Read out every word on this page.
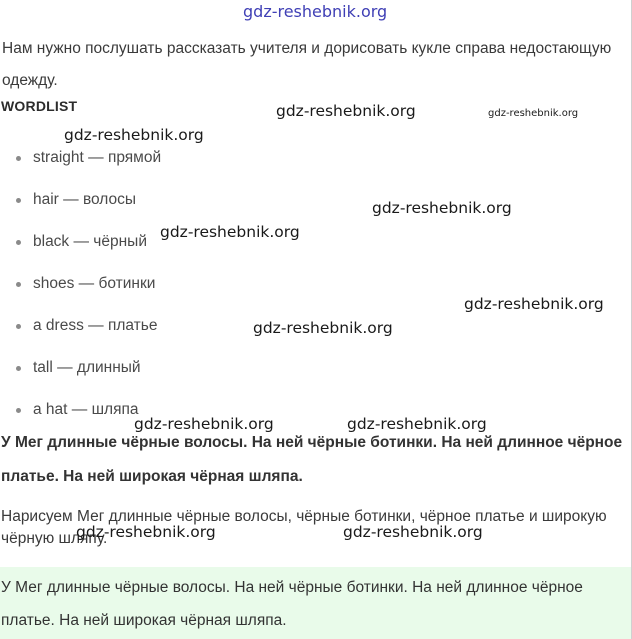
gdz-reshebnik.org
Нам нужно послушать рассказать учителя и дорисовать кукле справа недостающую одежду.
WORDLIST
straight — прямой
hair — волосы
black — чёрный
shoes — ботинки
a dress — платье
tall — длинный
a hat — шляпа
У Мег длинные чёрные волосы. На ней чёрные ботинки. На ней длинное чёрное платье. На ней широкая чёрная шляпа.
Нарисуем Мег длинные чёрные волосы, чёрные ботинки, чёрное платье и широкую чёрную шляпу.
У Мег длинные чёрные волосы. На ней чёрные ботинки. На ней длинное чёрное платье. На ней широкая чёрная шляпа.
gdz-reshebnik.org	gdz-reshebnik.org
gdz-reshebnik.org
gdz-reshebnik.org
gdz-reshebnik.org
gdz-reshebnik.org
gdz-reshebnik.org
gdz-reshebnik.org	gdz-reshebnik.org
gdz-reshebnik.org	gdz-reshebnik.org
